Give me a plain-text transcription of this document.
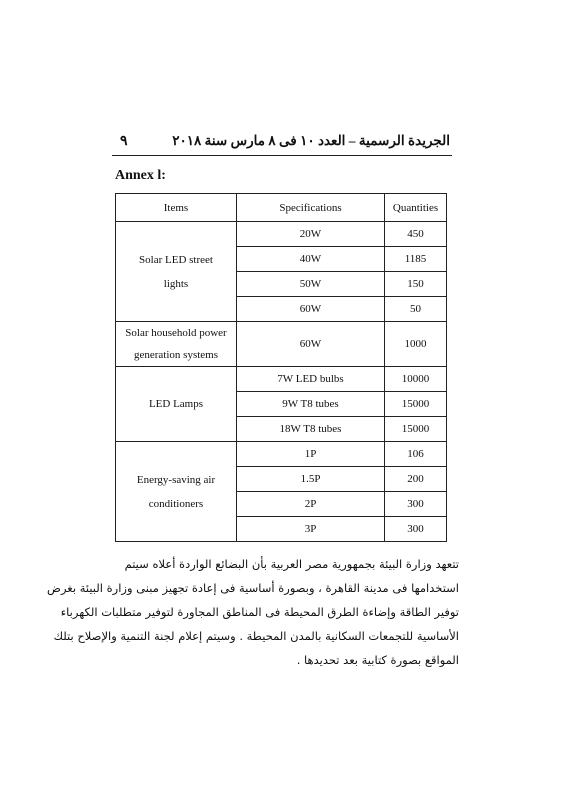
٩	الجريدة الرسمية – العدد ١٠ فى ٨ مارس سنة ٢٠١٨
Annex l:
Items	Specifications	Quantities

Solar LED street
lights	20W	450
	40W	1185
	50W	150
	60W	50

Solar household power
generation systems	60W	1000

LED Lamps	7W LED bulbs	10000
	9W T8 tubes	15000
	18W T8 tubes	15000

Energy-saving air
conditioners	1P	106
	1.5P	200
	2P	300
	3P	300

تتعهد وزارة البيئة بجمهورية مصر العربية بأن البضائع الواردة أعلاه سيتم

استخدامها فى مدينة القاهرة ، وبصورة أساسية فى إعادة تجهيز مبنى وزارة البيئة بغرض

توفير الطاقة وإضاءة الطرق المحيطة فى المناطق المجاورة لتوفير متطلبات الكهرباء

الأساسية للتجمعات السكانية بالمدن المحيطة . وسيتم إعلام لجنة التنمية والإصلاح بتلك

المواقع بصورة كتابية بعد تحديدها .
